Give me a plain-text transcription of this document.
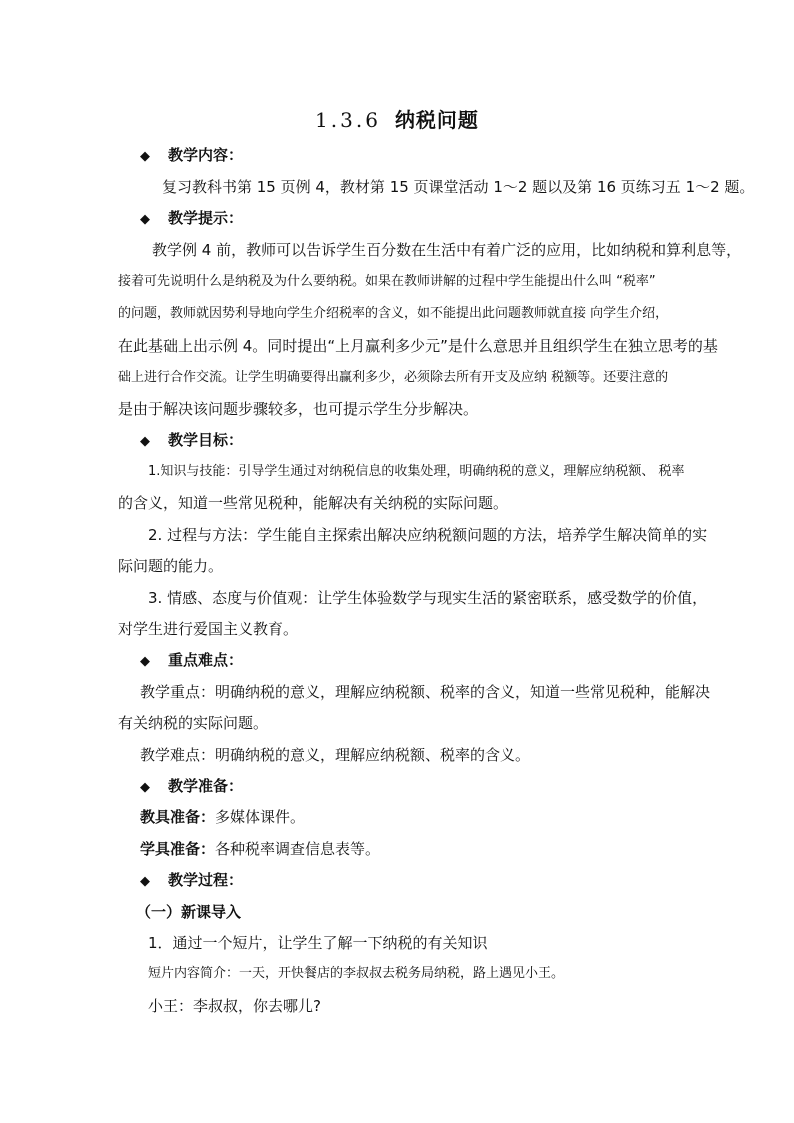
1.3.6 纳税问题
◆ 教学内容：
复习教科书第 15 页例 4，教材第 15 页课堂活动 1～2 题以及第 16 页练习五 1～2 题。
◆ 教学提示：
教学例 4 前，教师可以告诉学生百分数在生活中有着广泛的应用，比如纳税和算利息等，
接着可先说明什么是纳税及为什么要纳税。如果在教师讲解的过程中学生能提出什么叫 “税率”
的问题，教师就因势利导地向学生介绍税率的含义，如不能提出此问题教师就直接 向学生介绍，
在此基础上出示例 4。同时提出“上月赢利多少元”是什么意思并且组织学生在独立思考的基
础上进行合作交流。让学生明确要得出赢利多少，必须除去所有开支及应纳 税额等。还要注意的
是由于解决该问题步骤较多，也可提示学生分步解决。
◆ 教学目标：
1.知识与技能：引导学生通过对纳税信息的收集处理，明确纳税的意义，理解应纳税额、 税率
的含义，知道一些常见税种，能解决有关纳税的实际问题。
2. 过程与方法：学生能自主探索出解决应纳税额问题的方法，培养学生解决简单的实
际问题的能力。
3. 情感、态度与价值观：让学生体验数学与现实生活的紧密联系，感受数学的价值，
对学生进行爱国主义教育。
◆ 重点难点：
教学重点：明确纳税的意义，理解应纳税额、税率的含义，知道一些常见税种，能解决
有关纳税的实际问题。
教学难点：明确纳税的意义，理解应纳税额、税率的含义。
◆ 教学准备：
教具准备：多媒体课件。
学具准备：各种税率调查信息表等。
◆ 教学过程：
（一）新课导入
1．通过一个短片，让学生了解一下纳税的有关知识
短片内容简介：一天，开快餐店的李叔叔去税务局纳税，路上遇见小王。
小王：李叔叔，你去哪儿?
